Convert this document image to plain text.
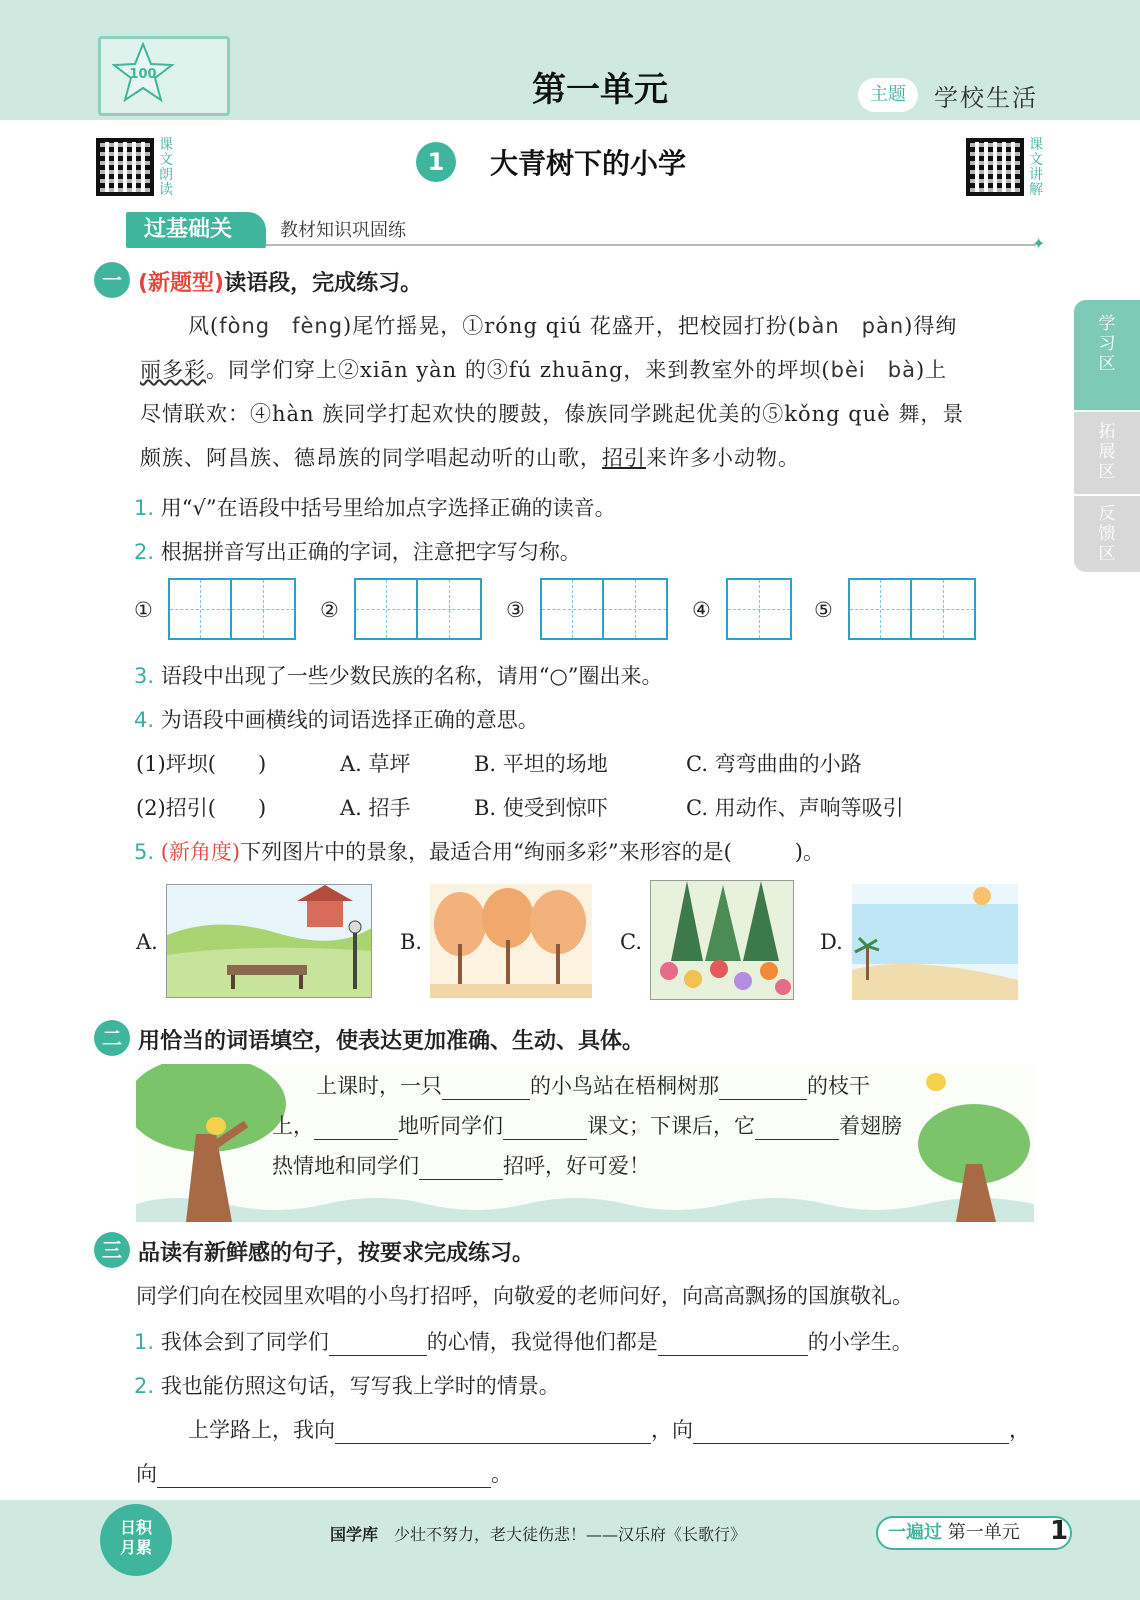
100	第一单元	主题	学校生活
课文朗读
课文讲解
1	大青树下的小学
过基础关	教材知识巩固练
✦
学习区
拓展区
反馈区
一 (新题型)读语段，完成练习。
风(fòng　fèng)尾竹摇晃，①róng qiú 花盛开，把校园打扮(bàn　pàn)得绚
丽多彩。同学们穿上②xiān yàn 的③fú zhuāng，来到教室外的坪坝(bèi　bà)上
尽情联欢：④hàn 族同学打起欢快的腰鼓，傣族同学跳起优美的⑤kǒng què 舞，景
颇族、阿昌族、德昂族的同学唱起动听的山歌，招引来许多小动物。
1. 用“√”在语段中括号里给加点字选择正确的读音。
2. 根据拼音写出正确的字词，注意把字写匀称。
①	②	③	④	⑤
3. 语段中出现了一些少数民族的名称，请用“○”圈出来。
4. 为语段中画横线的词语选择正确的意思。
(1)坪坝(　　)	A. 草坪	B. 平坦的场地	C. 弯弯曲曲的小路
(2)招引(　　)	A. 招手	B. 使受到惊吓	C. 用动作、声响等吸引
5. (新角度)下列图片中的景象，最适合用“绚丽多彩”来形容的是(　　　)。
A.	B.	C.	D.
二 用恰当的词语填空，使表达更加准确、生动、具体。
上课时，一只	的小鸟站在梧桐树那	的枝干
上，	地听同学们	课文；下课后，它	着翅膀
热情地和同学们	招呼，好可爱！
三 品读有新鲜感的句子，按要求完成练习。
同学们向在校园里欢唱的小鸟打招呼，向敬爱的老师问好，向高高飘扬的国旗敬礼。
1. 我体会到了同学们	的心情，我觉得他们都是	的小学生。
2. 我也能仿照这句话，写写我上学时的情景。
上学路上，我向	，向	，
向	。
日积
月累
国学库　 少壮不努力，老大徒伤悲！——汉乐府《长歌行》	一遍过 第一单元	1
